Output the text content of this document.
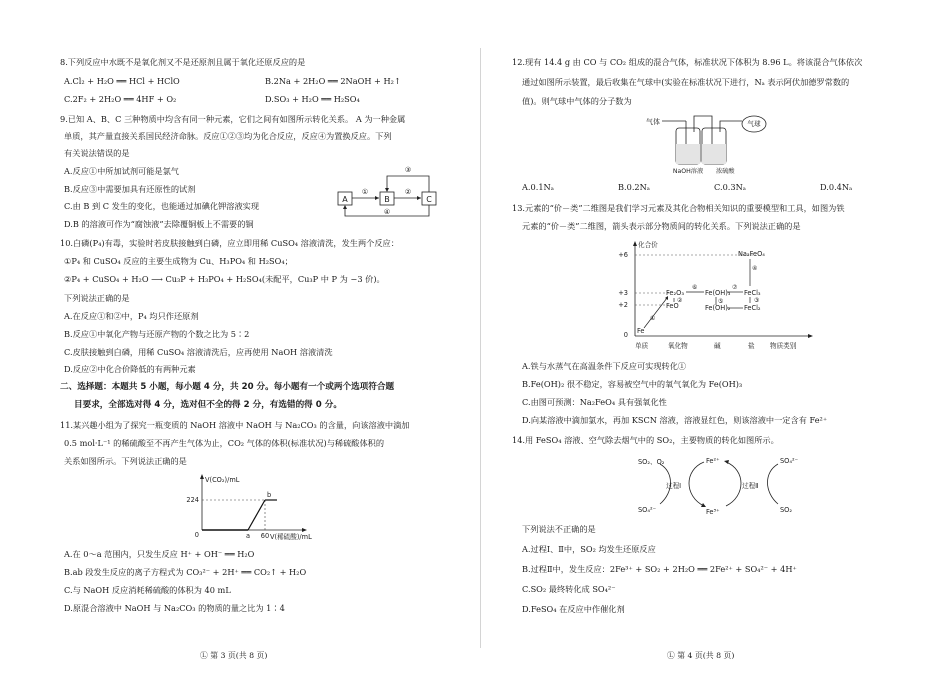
8.下列反应中水既不是氧化剂又不是还原剂且属于氧化还原反应的是
A.Cl₂ + H₂O ══ HCl + HClO	B.2Na + 2H₂O ══ 2NaOH + H₂↑
C.2F₂ + 2H₂O ══ 4HF + O₂	D.SO₃ + H₂O ══ H₂SO₄
9.已知 A、B、C 三种物质中均含有同一种元素，它们之间有如图所示转化关系。 A 为一种金属
单质，其产量直接关系国民经济命脉。反应①②③均为化合反应，反应④为置换反应。下列
有关说法错误的是
A.反应①中所加试剂可能是氯气
B.反应③中需要加具有还原性的试剂
C.由 B 到 C 发生的变化，也能通过加碘化钾溶液实现
D.B 的溶液可作为“腐蚀液”去除覆铜板上不需要的铜
A	B	C
①	②
③
④
10.白磷(P₄)有毒，实验时若皮肤接触到白磷，应立即用稀 CuSO₄ 溶液清洗，发生两个反应：
①P₄ 和 CuSO₄ 反应的主要生成物为 Cu、H₃PO₄ 和 H₂SO₄；
②P₄ + CuSO₄ + H₂O ⟶ Cu₃P + H₃PO₄ + H₂SO₄(未配平，Cu₃P 中 P 为 −3 价)。
下列说法正确的是
A.在反应①和②中，P₄ 均只作还原剂
B.反应①中氧化产物与还原产物的个数之比为 5∶2
C.皮肤接触到白磷，用稀 CuSO₄ 溶液清洗后，应再使用 NaOH 溶液清洗
D.反应②中化合价降低的有两种元素
二、选择题：本题共 5 小题，每小题 4 分，共 20 分。每小题有一个或两个选项符合题
目要求，全部选对得 4 分，选对但不全的得 2 分，有选错的得 0 分。
11.某兴趣小组为了探究一瓶变质的 NaOH 溶液中 NaOH 与 Na₂CO₃ 的含量，向该溶液中滴加
0.5 mol·L⁻¹ 的稀硫酸至不再产生气体为止，CO₂ 气体的体积(标准状况)与稀硫酸体积的
关系如图所示。下列说法正确的是
V(CO₂)/mL
V(稀硫酸)/mL
224
0	a
b
60
A.在 0～a 范围内，只发生反应 H⁺ + OH⁻ ══ H₂O
B.ab 段发生反应的离子方程式为 CO₃²⁻ + 2H⁺ ══ CO₂↑ + H₂O
C.与 NaOH 反应消耗稀硫酸的体积为 40 mL
D.原混合溶液中 NaOH 与 Na₂CO₃ 的物质的量之比为 1∶4
Ⓛ 第 3 页(共 8 页)
12.现有 14.4 g 由 CO 与 CO₂ 组成的混合气体，标准状况下体积为 8.96 L。将该混合气体依次
通过如图所示装置，最后收集在气球中(实验在标准状况下进行，Nₐ 表示阿伏加德罗常数的
值)。则气球中气体的分子数为
气体	气球
NaOH溶液 浓硫酸
A.0.1Nₐ	B.0.2Nₐ	C.0.3Nₐ	D.0.4Nₐ
13.元素的“价－类”二维图是我们学习元素及其化合物相关知识的重要模型和工具，如图为铁
元素的“价－类”二维图，箭头表示部分物质间的转化关系。下列说法正确的是
化合价
+6
+3
+2
0
单质	氧化物	碱	盐 物质类别
Fe
Fe₂O₃
FeO
Fe(OH)₃
Fe(OH)₂
FeCl₃
FeCl₂
Na₂FeO₄
①
②
⑥	⑦
⑤
④
③
A.铁与水蒸气在高温条件下反应可实现转化①
B.Fe(OH)₂ 很不稳定，容易被空气中的氧气氧化为 Fe(OH)₃
C.由图可预测：Na₂FeO₄ 具有强氧化性
D.向某溶液中滴加氯水，再加 KSCN 溶液，溶液显红色，则该溶液中一定含有 Fe²⁺
14.用 FeSO₄ 溶液、空气除去烟气中的 SO₂，主要物质的转化如图所示。
SO₂、O₂	Fe²⁺	SO₄²⁻
过程Ⅰ	过程Ⅱ
SO₄²⁻	Fe³⁺	SO₂
下列说法不正确的是
A.过程Ⅰ、Ⅱ中，SO₂ 均发生还原反应
B.过程Ⅱ中，发生反应：2Fe³⁺ + SO₂ + 2H₂O ══ 2Fe²⁺ + SO₄²⁻ + 4H⁺
C.SO₂ 最终转化成 SO₄²⁻
D.FeSO₄ 在反应中作催化剂
Ⓛ 第 4 页(共 8 页)
